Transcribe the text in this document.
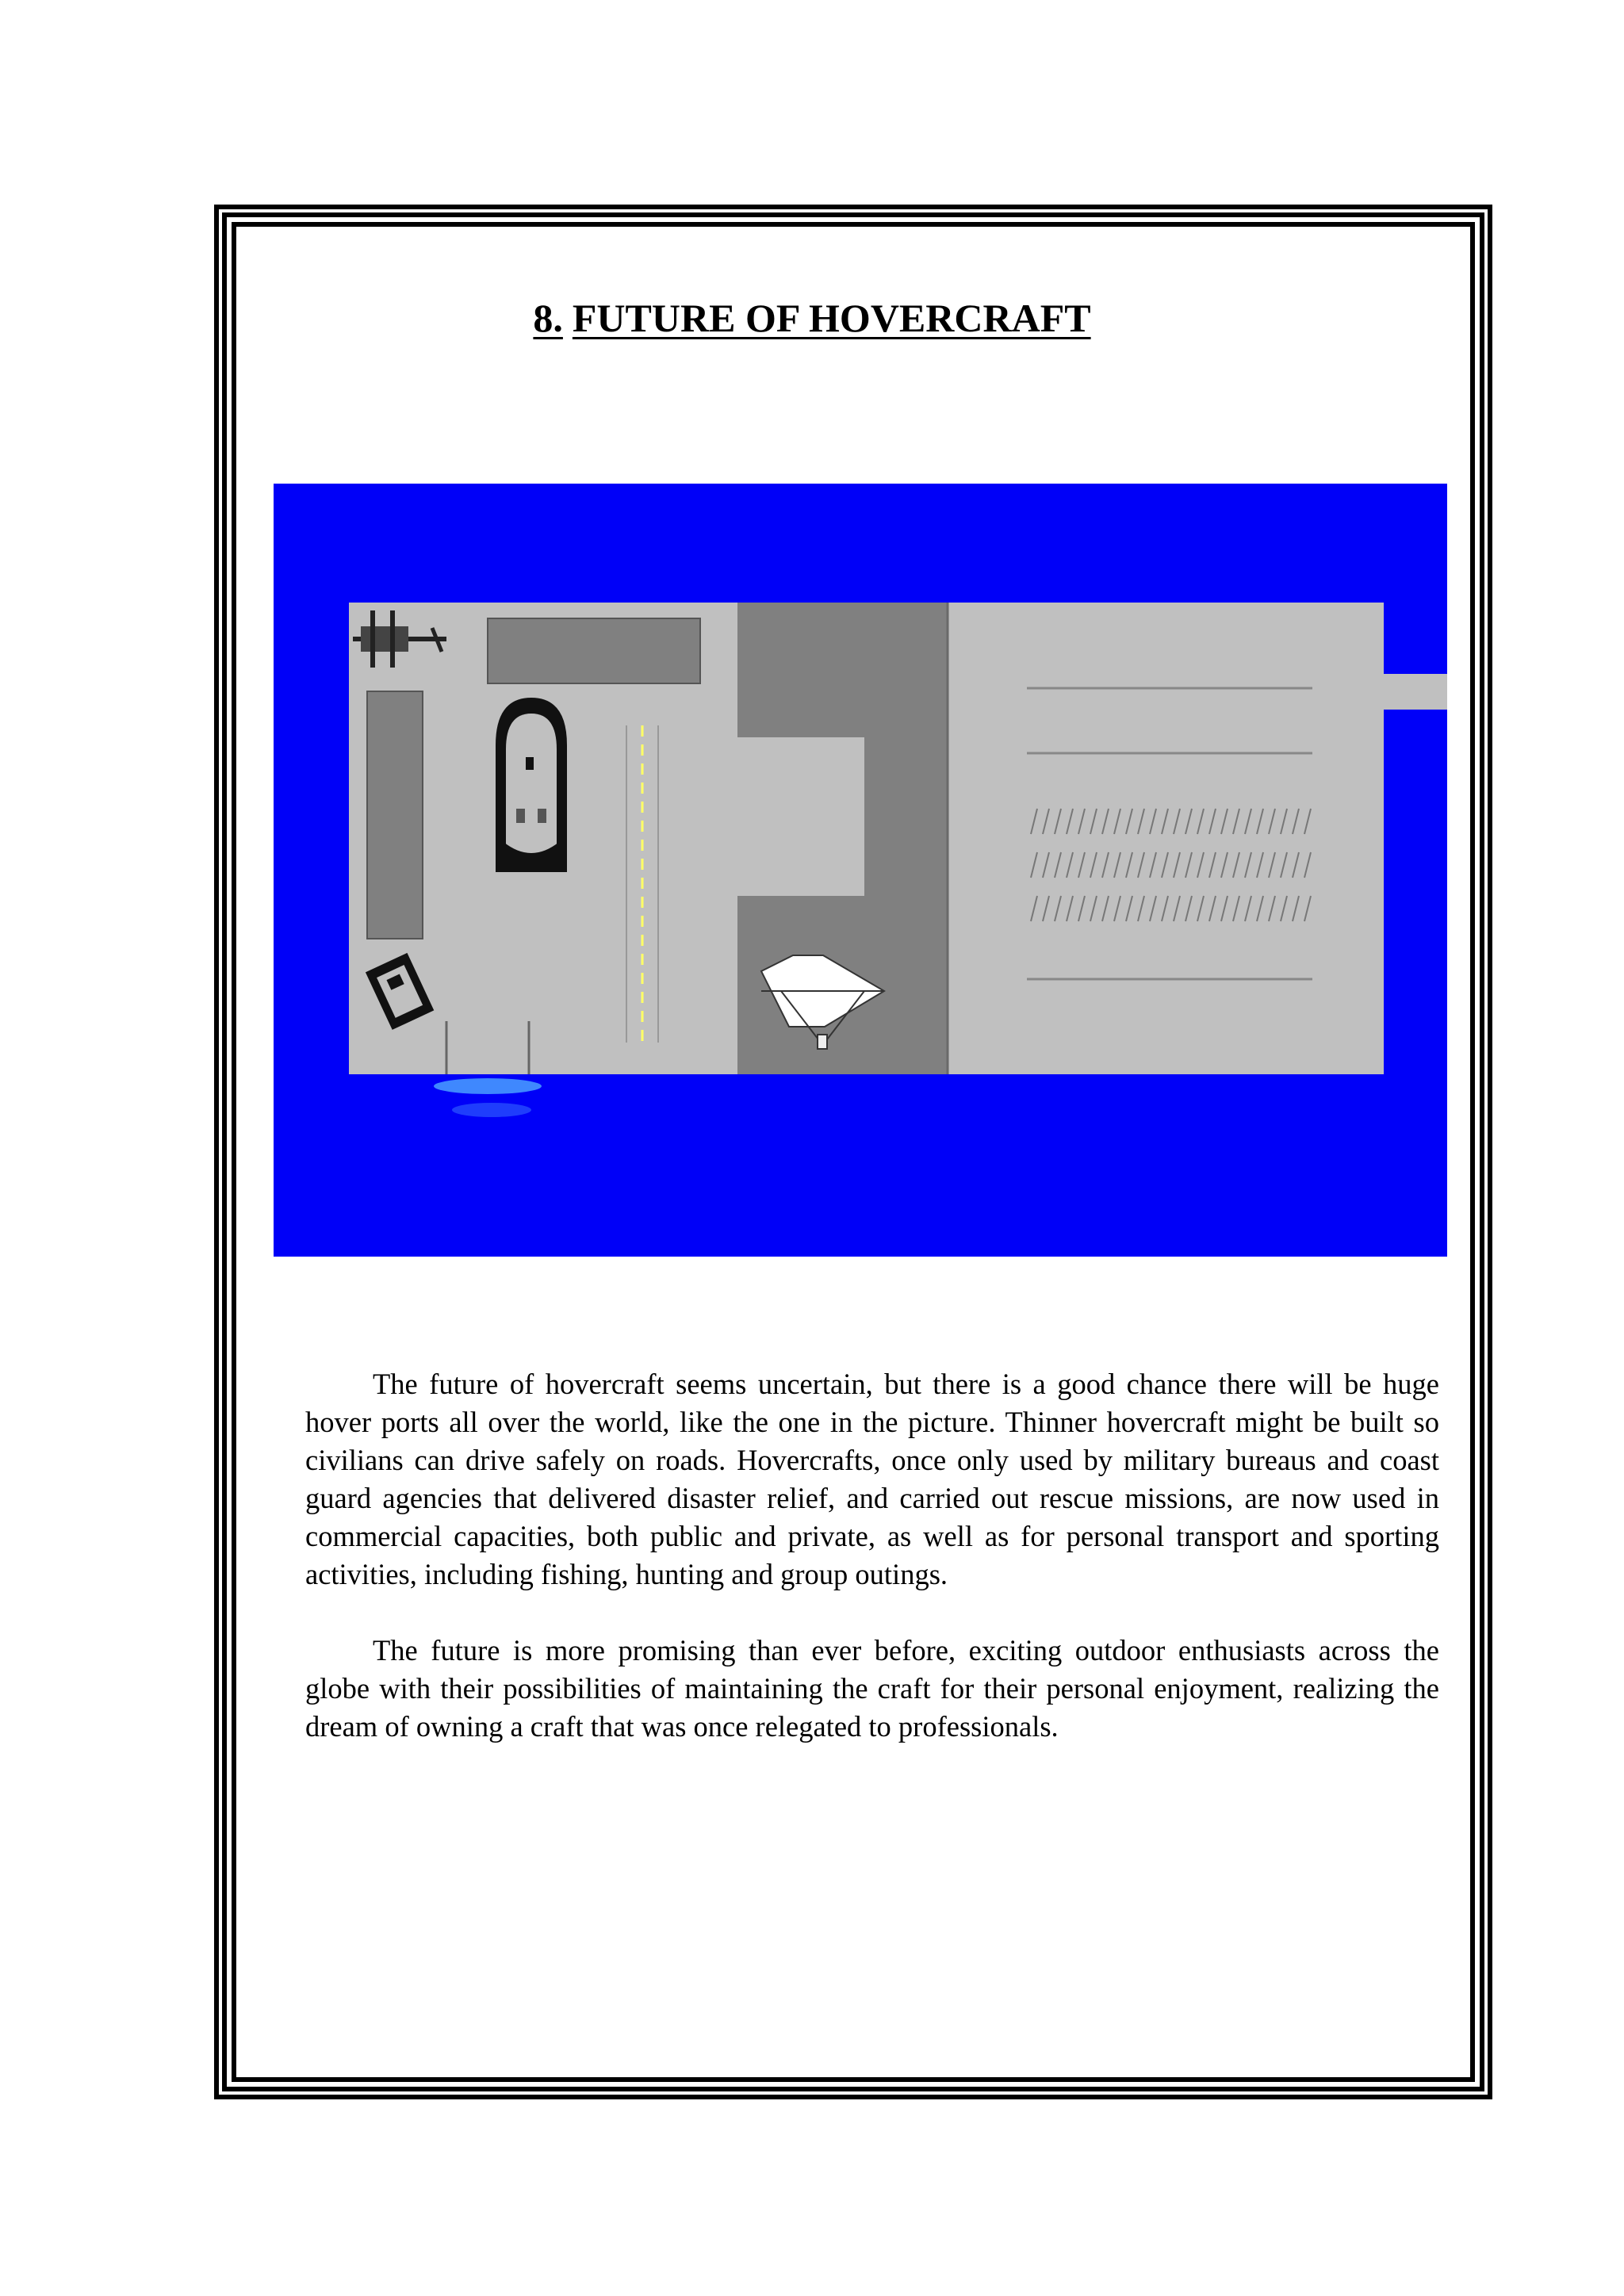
8. FUTURE OF HOVERCRAFT

The future of hovercraft seems uncertain, but there is a good chance there will be huge hover ports all over the world, like the one in the picture. Thinner hovercraft might be built so civilians can drive safely on roads. Hovercrafts, once only used by military bureaus and coast guard agencies that delivered disaster relief, and carried out rescue missions, are now used in commercial capacities, both public and private, as well as for personal transport and sporting activities, including fishing, hunting and group outings.

The future is more promising than ever before, exciting outdoor enthusiasts across the globe with their possibilities of maintaining the craft for their personal enjoyment, realizing the dream of owning a craft that was once relegated to professionals.
